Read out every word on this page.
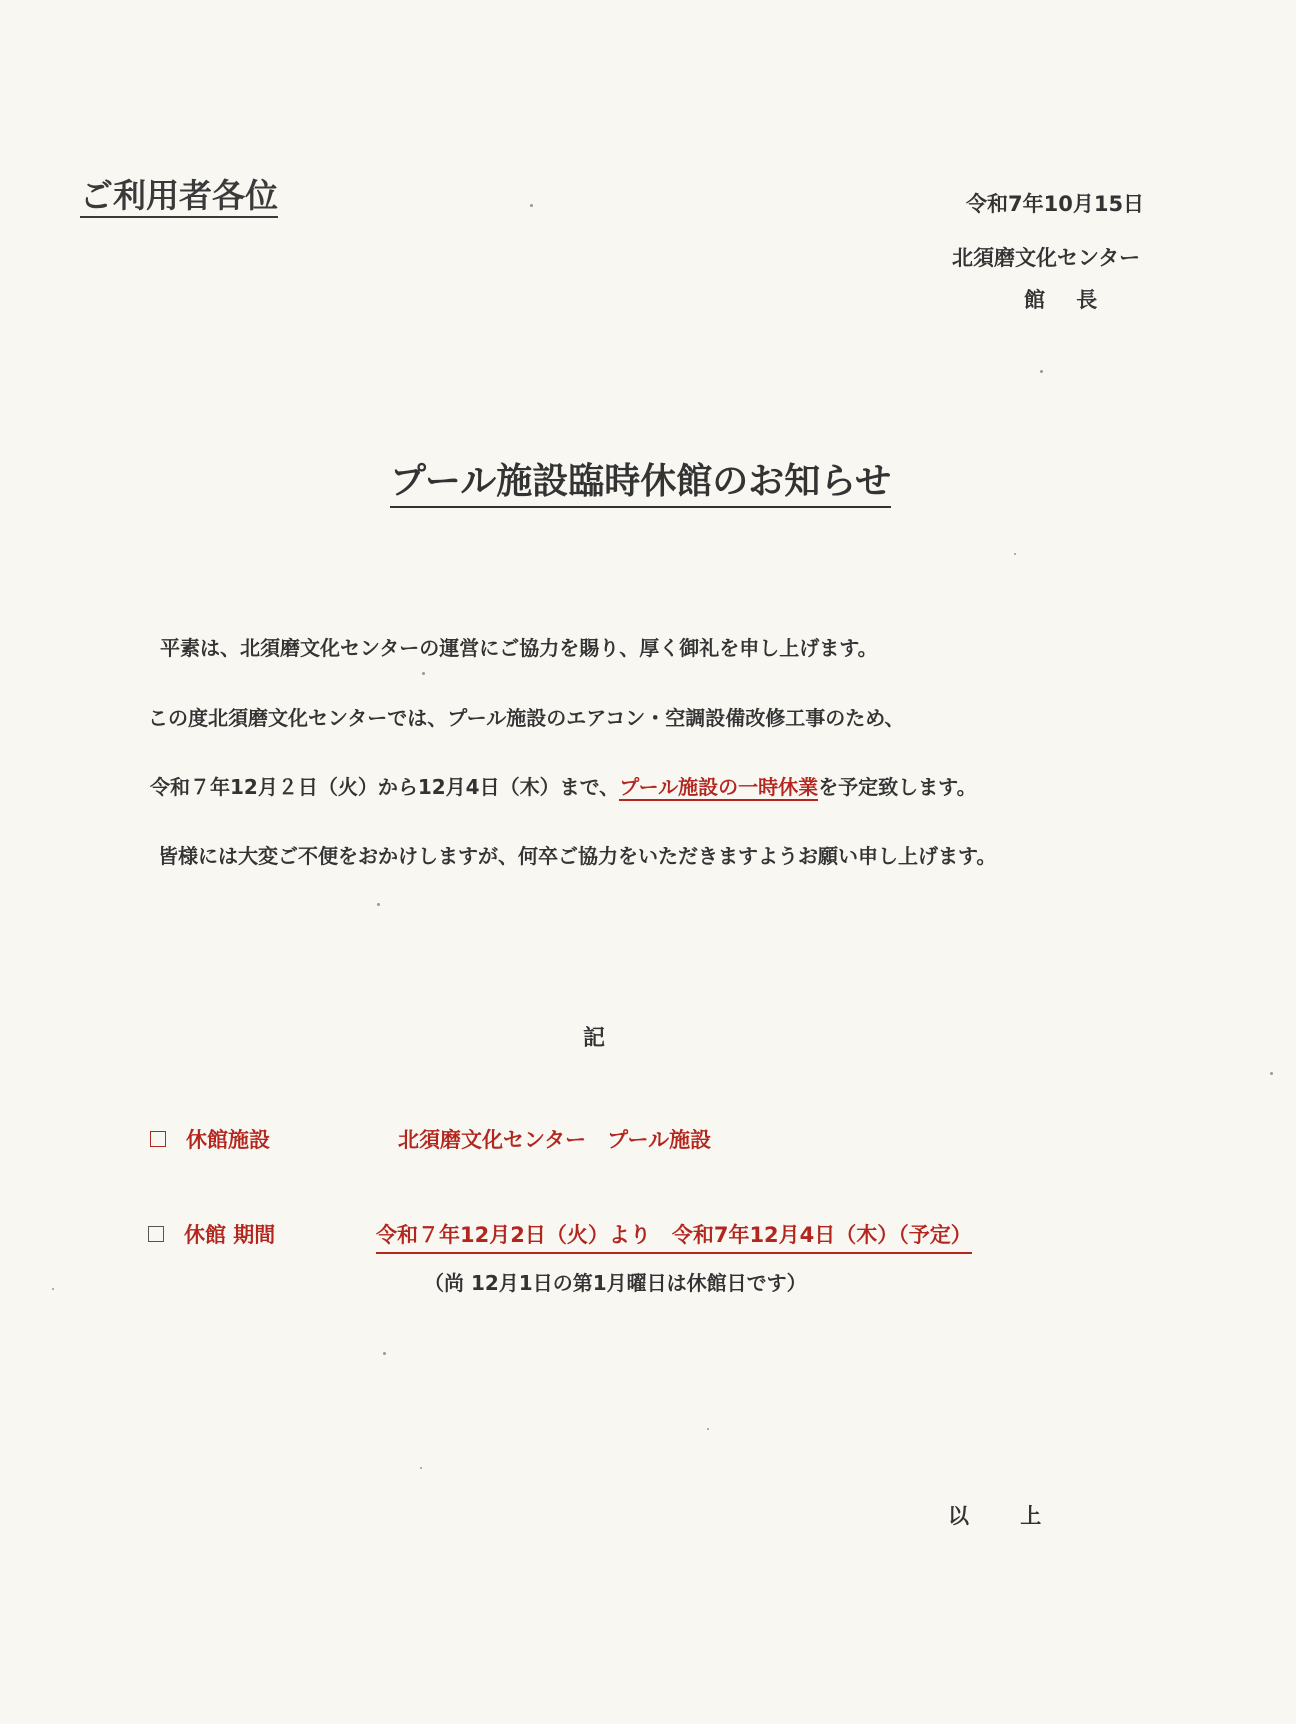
ご利用者各位	令和7年10月15日
北須磨文化センター
館 長
プール施設臨時休館のお知らせ
平素は、北須磨文化センターの運営にご協力を賜り、厚く御礼を申し上げます。
この度北須磨文化センターでは、プール施設のエアコン・空調設備改修工事のため、
令和７年12月２日（火）から12月4日（木）まで、プール施設の一時休業を予定致します。
皆様には大変ご不便をおかけしますが、何卒ご協力をいただきますようお願い申し上げます。
記
休館施設	北須磨文化センター　プール施設
休館 期間	令和７年12月2日（火）より　令和7年12月4日（木）（予定）
（尚 12月1日の第1月曜日は休館日です）
以 上
